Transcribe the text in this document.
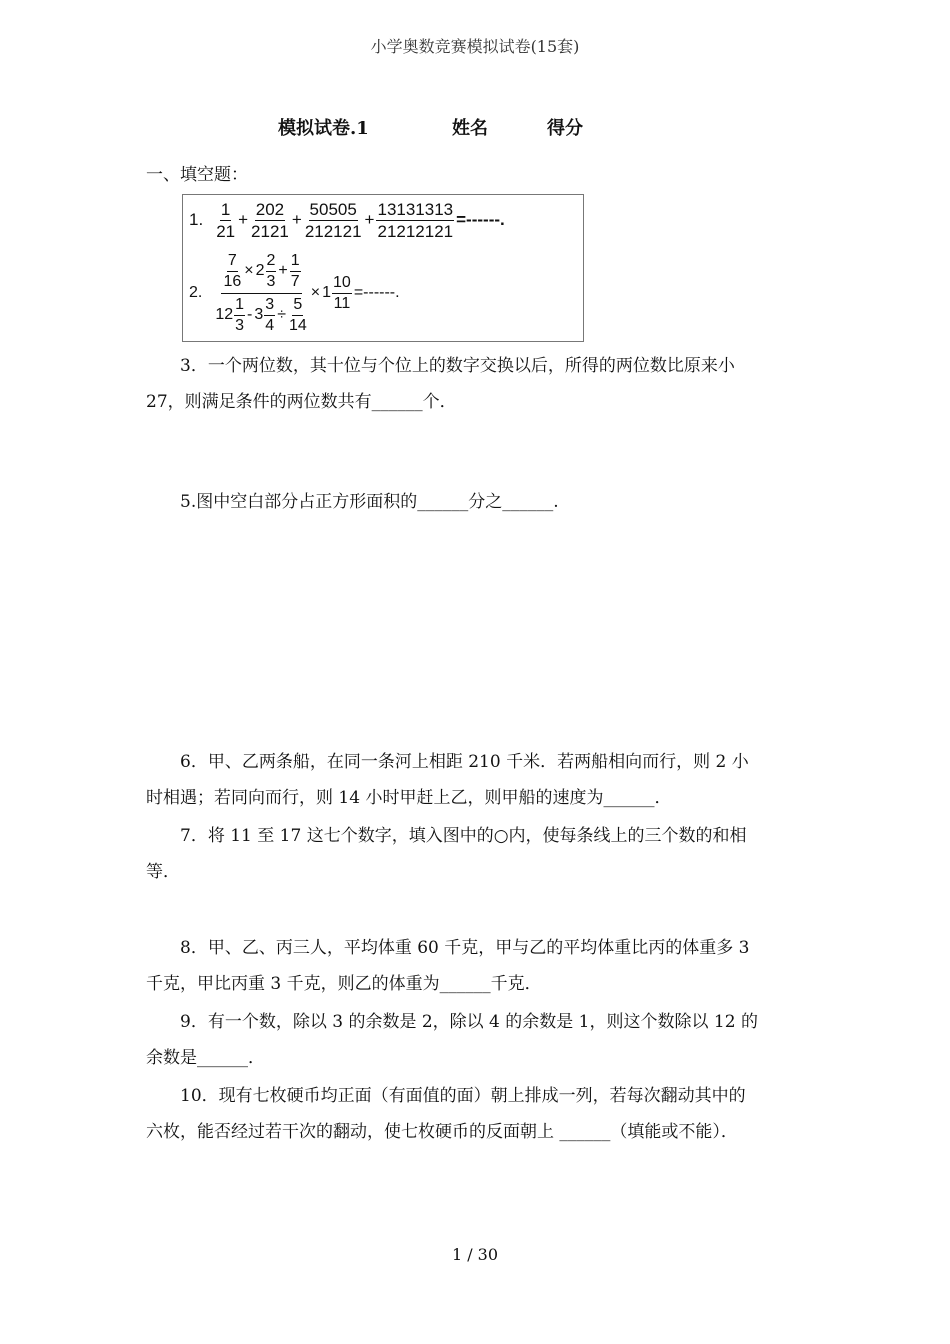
小学奥数竞赛模拟试卷(15套)
模拟试卷.1	姓名	得分
一、填空题：
1. $\frac{1}{21} + \frac{202}{2121} + \frac{50505}{212121} + \frac{13131313}{21212121}$ =------.
2. $\frac{\frac{7}{16} \times 2 \frac{2}{3} + \frac{1}{7}}{12 \frac{1}{3} - 3 \frac{3}{4} \div \frac{5}{14}} \times 1 \frac{10}{11}$ =------.
3．一个两位数，其十位与个位上的数字交换以后，所得的两位数比原来小
27，则满足条件的两位数共有______个．
5.图中空白部分占正方形面积的______分之______.
6．甲、乙两条船，在同一条河上相距 210 千米．若两船相向而行，则 2 小
时相遇；若同向而行，则 14 小时甲赶上乙，则甲船的速度为______．
7．将 11 至 17 这七个数字，填入图中的○内，使每条线上的三个数的和相
等．
8．甲、乙、丙三人，平均体重 60 千克，甲与乙的平均体重比丙的体重多 3
千克，甲比丙重 3 千克，则乙的体重为______千克．
9．有一个数，除以 3 的余数是 2，除以 4 的余数是 1，则这个数除以 12 的
余数是______．
10．现有七枚硬币均正面（有面值的面）朝上排成一列，若每次翻动其中的
六枚，能否经过若干次的翻动，使七枚硬币的反面朝上 ______（填能或不能）．
1 / 30
